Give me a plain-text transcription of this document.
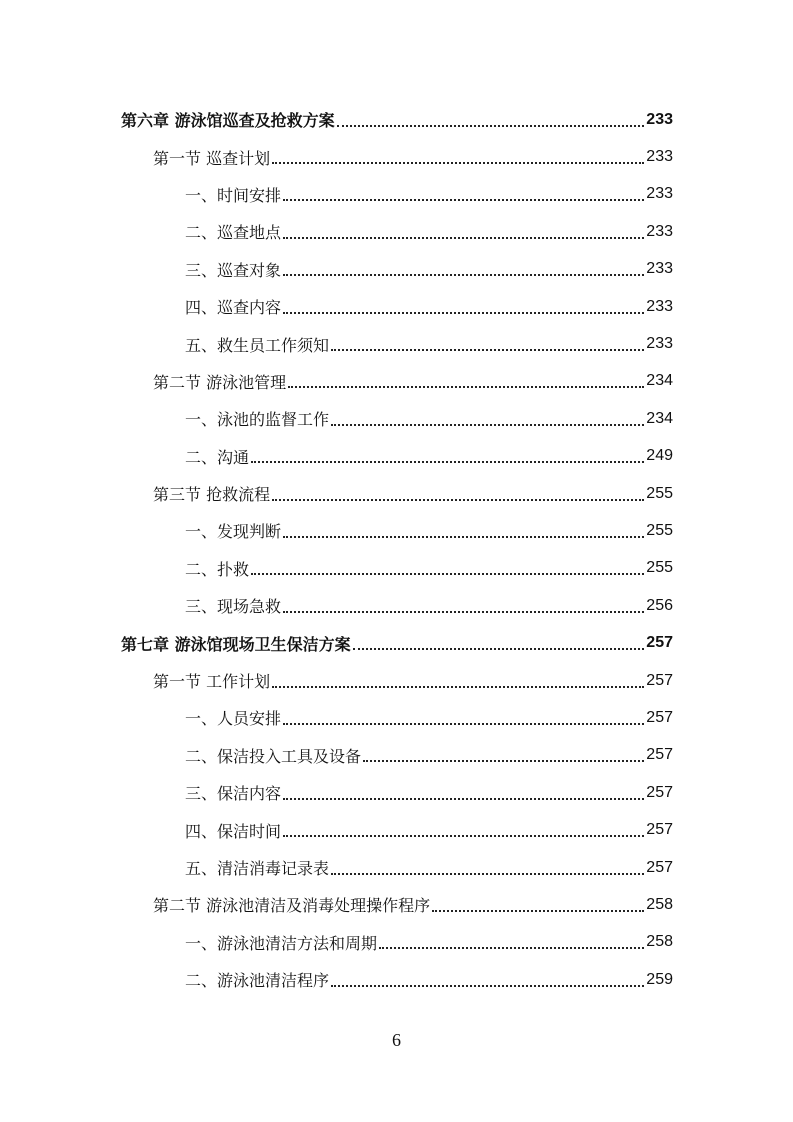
第六章 游泳馆巡查及抢救方案	233
第一节 巡查计划	233
一、时间安排	233
二、巡查地点	233
三、巡查对象	233
四、巡查内容	233
五、救生员工作须知	233
第二节 游泳池管理	234
一、泳池的监督工作	234
二、沟通	249
第三节 抢救流程	255
一、发现判断	255
二、扑救	255
三、现场急救	256
第七章 游泳馆现场卫生保洁方案	257
第一节 工作计划	257
一、人员安排	257
二、保洁投入工具及设备	257
三、保洁内容	257
四、保洁时间	257
五、清洁消毒记录表	257
第二节 游泳池清洁及消毒处理操作程序	258
一、游泳池清洁方法和周期	258
二、游泳池清洁程序	259
6
